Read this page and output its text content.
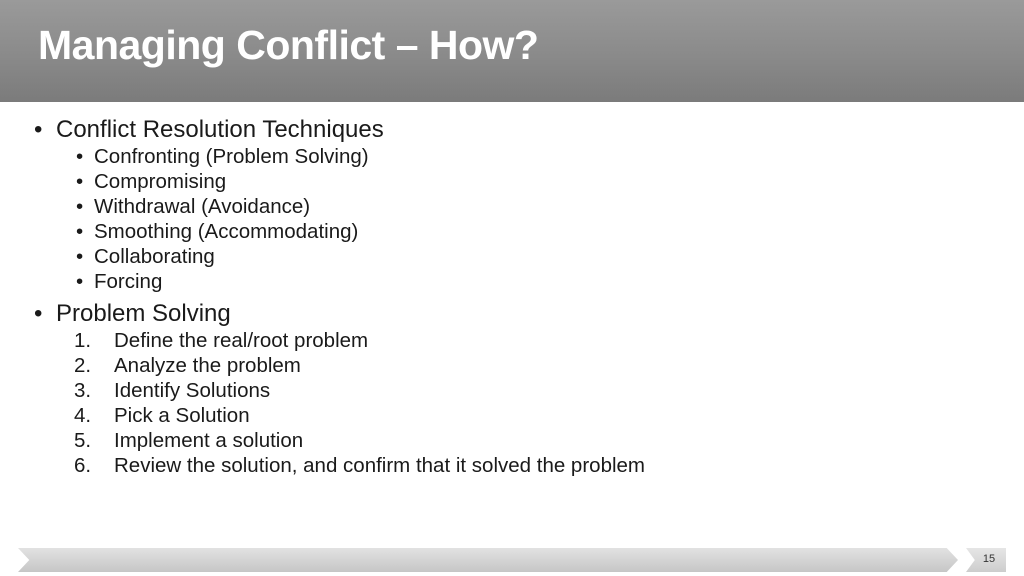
Managing Conflict – How?
• Conflict Resolution Techniques
• Confronting (Problem Solving)
• Compromising
• Withdrawal (Avoidance)
• Smoothing (Accommodating)
• Collaborating
• Forcing
• Problem Solving
1. Define the real/root problem
2. Analyze the problem
3. Identify Solutions
4. Pick a Solution
5. Implement a solution
6. Review the solution, and confirm that it solved the problem
15
